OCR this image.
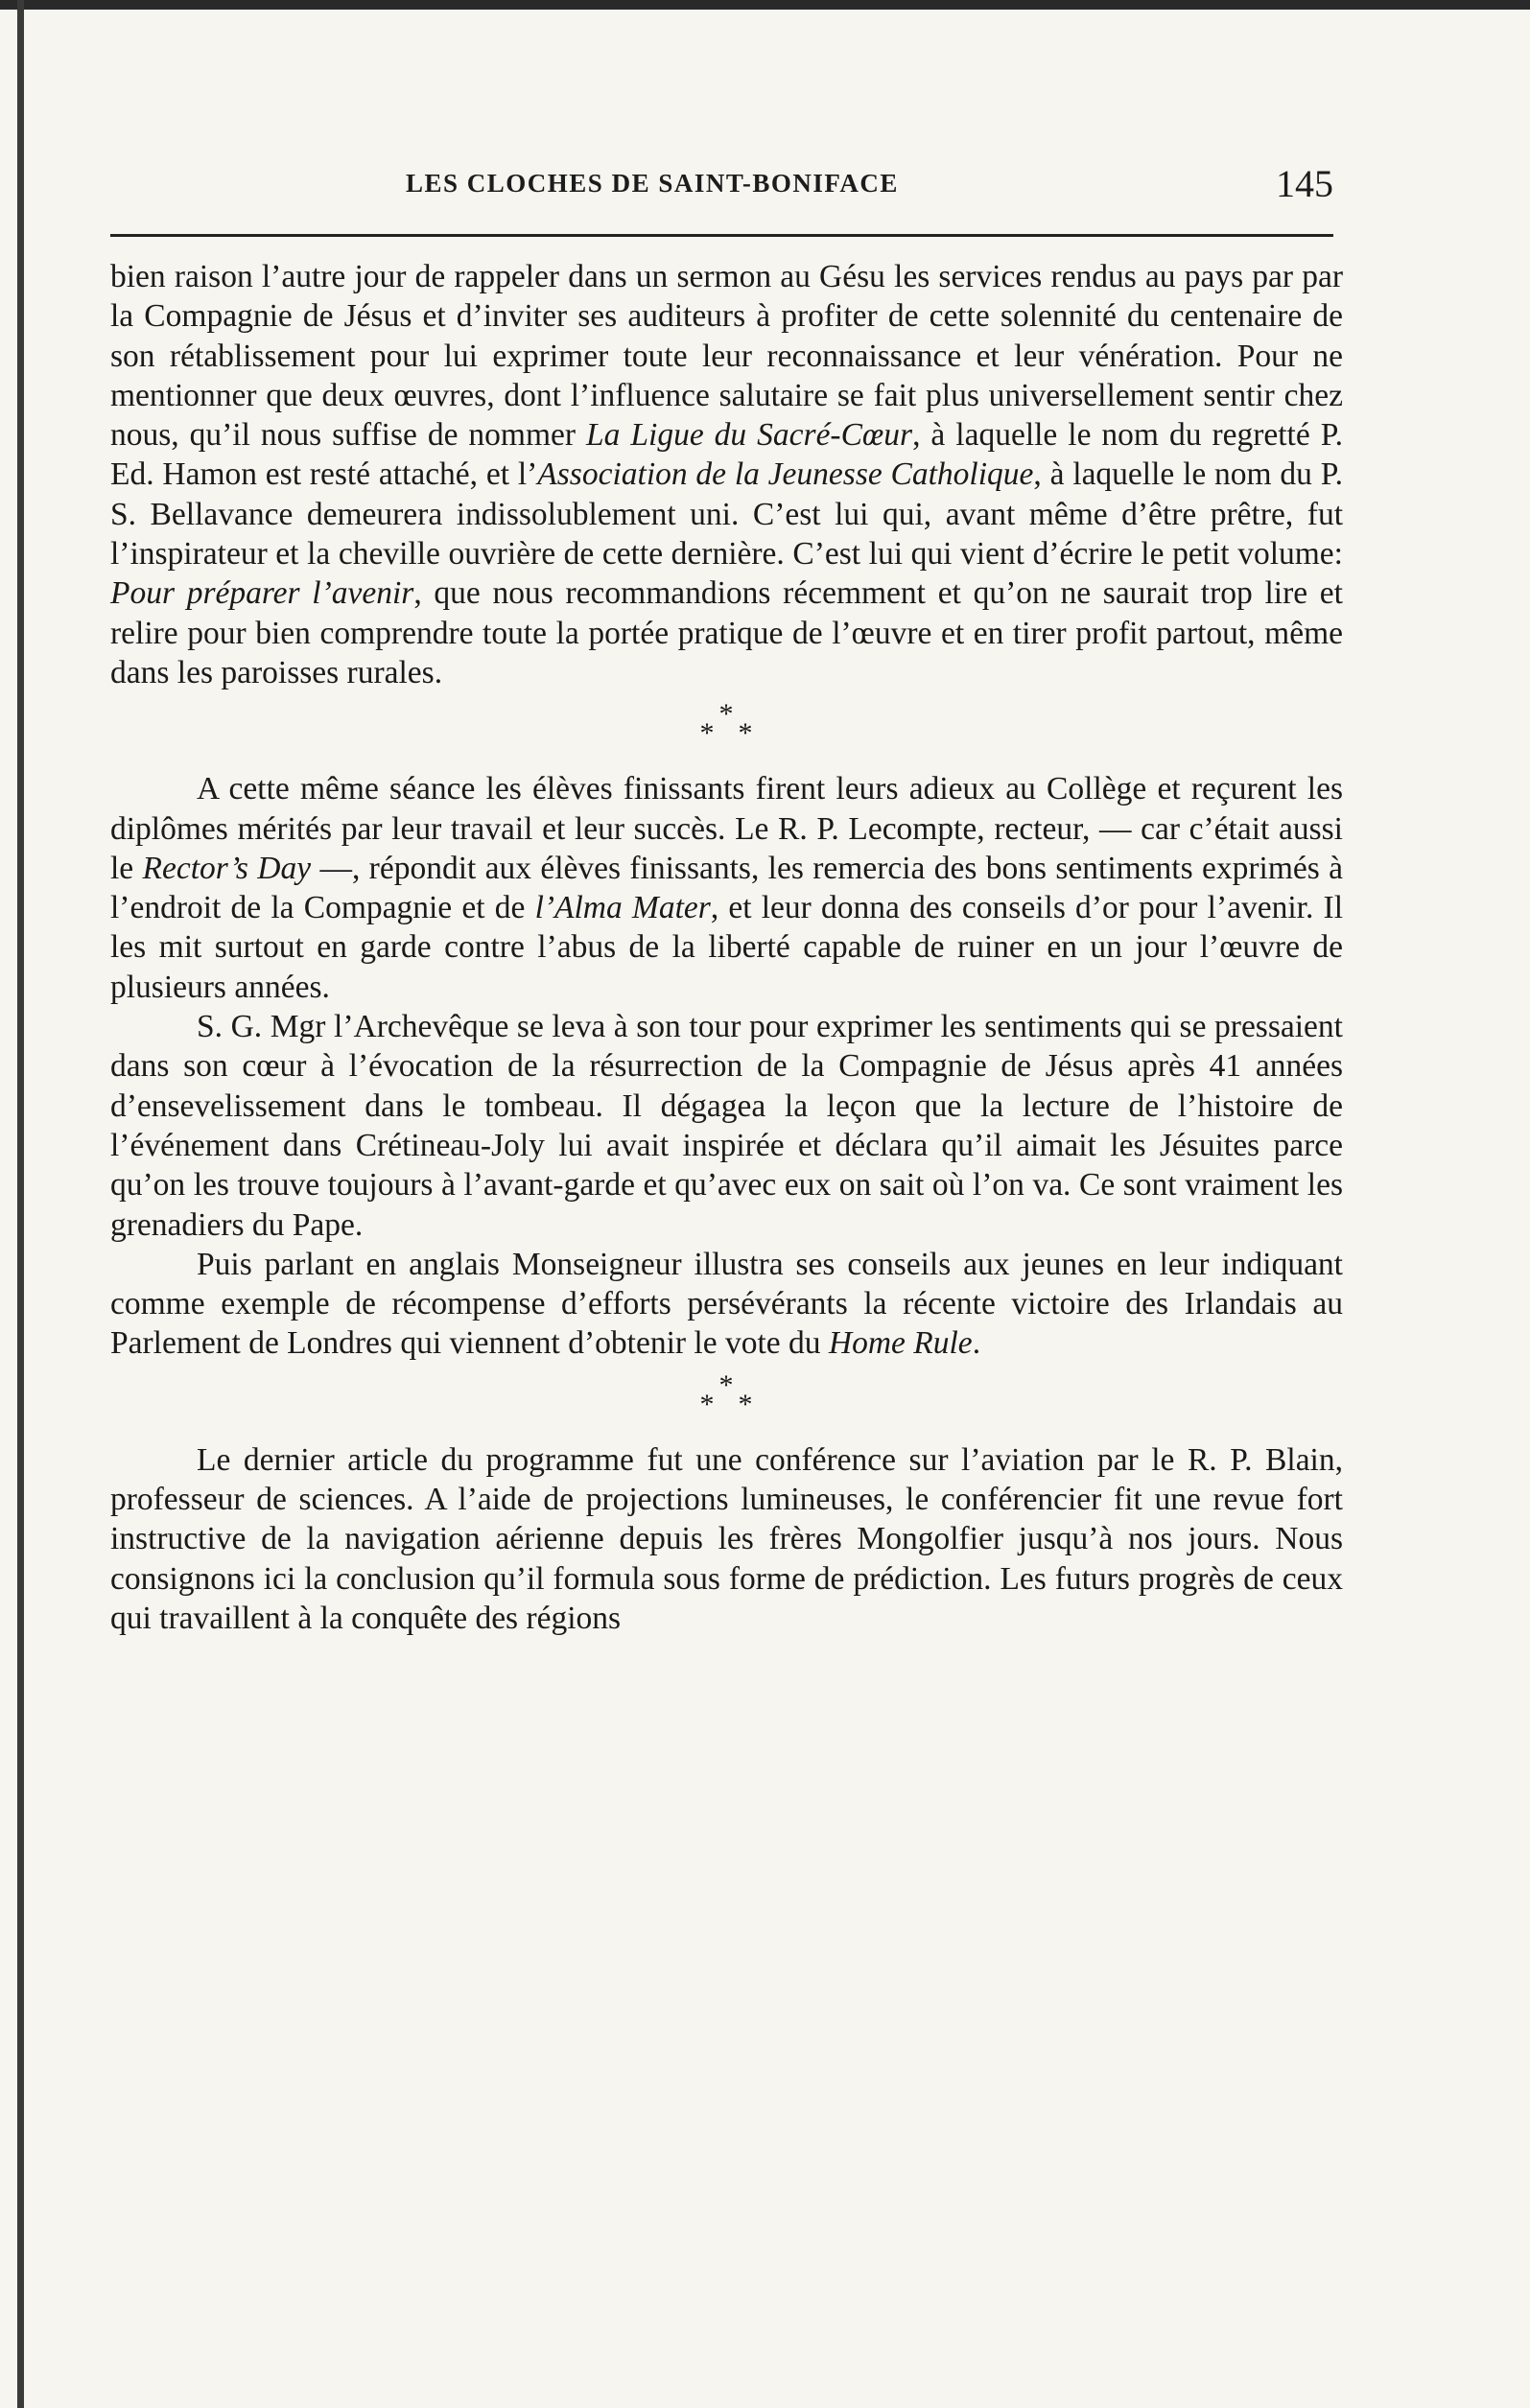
LES CLOCHES DE SAINT-BONIFACE	145

bien raison l’autre jour de rappeler dans un sermon au Gésu les services rendus au pays par par la Compagnie de Jésus et d’inviter ses auditeurs à profiter de cette solennité du centenaire de son rétablissement pour lui exprimer toute leur reconnaissance et leur vénération. Pour ne mentionner que deux œuvres, dont l’influence salutaire se fait plus universellement sentir chez nous, qu’il nous suffise de nommer La Ligue du Sacré-Cœur, à laquelle le nom du regretté P. Ed. Hamon est resté attaché, et l’Association de la Jeunesse Catholique, à laquelle le nom du P. S. Bellavance demeurera indissolublement uni. C’est lui qui, avant même d’être prêtre, fut l’inspirateur et la cheville ouvrière de cette dernière. C’est lui qui vient d’écrire le petit volume: Pour préparer l’avenir, que nous recommandions récemment et qu’on ne saurait trop lire et relire pour bien comprendre toute la portée pratique de l’œuvre et en tirer profit partout, même dans les paroisses rurales.

*
* *

A cette même séance les élèves finissants firent leurs adieux au Collège et reçurent les diplômes mérités par leur travail et leur succès. Le R. P. Lecompte, recteur, — car c’était aussi le Rector’s Day —, répondit aux élèves finissants, les remercia des bons sentiments exprimés à l’endroit de la Compagnie et de l’Alma Mater, et leur donna des conseils d’or pour l’avenir. Il les mit surtout en garde contre l’abus de la liberté capable de ruiner en un jour l’œuvre de plusieurs années.

S. G. Mgr l’Archevêque se leva à son tour pour exprimer les sentiments qui se pressaient dans son cœur à l’évocation de la résurrection de la Compagnie de Jésus après 41 années d’ensevelissement dans le tombeau. Il dégagea la leçon que la lecture de l’histoire de l’événement dans Crétineau-Joly lui avait inspirée et déclara qu’il aimait les Jésuites parce qu’on les trouve toujours à l’avant-garde et qu’avec eux on sait où l’on va. Ce sont vraiment les grenadiers du Pape.

Puis parlant en anglais Monseigneur illustra ses conseils aux jeunes en leur indiquant comme exemple de récompense d’efforts persévérants la récente victoire des Irlandais au Parlement de Londres qui viennent d’obtenir le vote du Home Rule.

*
* *

Le dernier article du programme fut une conférence sur l’aviation par le R. P. Blain, professeur de sciences. A l’aide de projections lumineuses, le conférencier fit une revue fort instructive de la navigation aérienne depuis les frères Mongolfier jusqu’à nos jours. Nous consignons ici la conclusion qu’il formula sous forme de prédiction. Les futurs progrès de ceux qui travaillent à la conquête des régions
